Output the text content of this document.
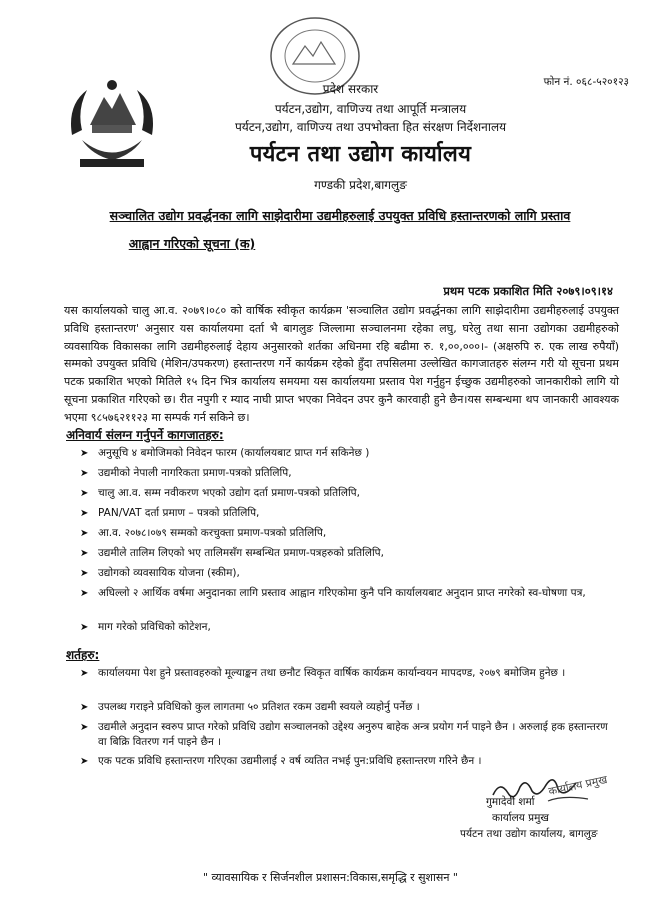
फोन नं. ०६८-५२०१२३
प्रदेश सरकार
पर्यटन,उद्योग, वाणिज्य तथा आपूर्ति मन्त्रालय
पर्यटन,उद्योग, वाणिज्य तथा उपभोक्ता हित संरक्षण निर्देशनालय
पर्यटन तथा उद्योग कार्यालय
गण्डकी प्रदेश,बागलुङ
सञ्चालित उद्योग प्रवर्द्धनका लागि साझेदारीमा उद्यमीहरुलाई उपयुक्त प्रविधि हस्तान्तरणको लागि प्रस्ताव
आह्वान गरिएको सूचना (क)
प्रथम पटक प्रकाशित मिति २०७९।०९।१४
यस कार्यालयको चालु आ.व. २०७९।०८० को वार्षिक स्वीकृत कार्यक्रम 'सञ्चालित उद्योग प्रवर्द्धनका लागि साझेदारीमा उद्यमीहरुलाई उपयुक्त प्रविधि हस्तान्तरण' अनुसार यस कार्यालयमा दर्ता भै बागलुङ जिल्लामा सञ्चालनमा रहेका लघु, घरेलु तथा साना उद्योगका उद्यमीहरुको व्यवसायिक विकासका लागि उद्यमीहरुलाई देहाय अनुसारको शर्तका अधिनमा रहि बढीमा रु. १,००,०००।- (अक्षरुपि रु. एक लाख रुपैयाँ) सम्मको उपयुक्त प्रविधि (मेशिन/उपकरण) हस्तान्तरण गर्ने कार्यक्रम रहेको हुँदा तपसिलमा उल्लेखित कागजातहरु संलग्न गरी यो सूचना प्रथम पटक प्रकाशित भएको मितिले १५ दिन भित्र कार्यालय समयमा यस कार्यालयमा प्रस्ताव पेश गर्नुहुन ईच्छुक उद्यमीहरुको जानकारीको लागि यो सूचना प्रकाशित गरिएको छ। रीत नपुगी र म्याद नाघी प्राप्त भएका निवेदन उपर कुनै कारवाही हुने छैन।यस सम्बन्धमा थप जानकारी आवश्यक भएमा ९८५७६२११२३ मा सम्पर्क गर्न सकिने छ।
अनिवार्य संलग्न गर्नुपर्ने कागजातहरु:
➤ अनुसूचि ४ बमोजिमको निवेदन फारम (कार्यालयबाट प्राप्त गर्न सकिनेछ )
➤ उद्यमीको नेपाली नागरिकता प्रमाण-पत्रको प्रतिलिपि,
➤ चालु आ.व. सम्म नवीकरण भएको उद्योग दर्ता प्रमाण-पत्रको प्रतिलिपि,
➤ PAN/VAT दर्ता प्रमाण – पत्रको प्रतिलिपि,
➤ आ.व. २०७८।०७९ सम्मको करचुक्ता प्रमाण-पत्रको प्रतिलिपि,
➤ उद्यमीले तालिम लिएको भए तालिमसँग सम्बन्धित प्रमाण-पत्रहरुको प्रतिलिपि,
➤ उद्योगको व्यवसायिक योजना (स्कीम),
➤ अघिल्लो २ आर्थिक वर्षमा अनुदानका लागि प्रस्ताव आह्वान गरिएकोमा कुनै पनि कार्यालयबाट अनुदान प्राप्त नगरेको स्व-घोषणा पत्र,
➤ माग गरेको प्रविधिको कोटेशन,
शर्तहरु:
➤ कार्यालयमा पेश हुने प्रस्तावहरुको मूल्याङ्कन तथा छनौट स्विकृत वार्षिक कार्यक्रम कार्यान्वयन मापदण्ड, २०७९ बमोजिम हुनेछ ।
➤ उपलब्ध गराइने प्रविधिको कुल लागतमा ५० प्रतिशत रकम उद्यमी स्वयले व्यहोर्नु पर्नेछ ।
➤ उद्यमीले अनुदान स्वरुप प्राप्त गरेको प्रविधि उद्योग सञ्चालनको उद्देश्य अनुरुप बाहेक अन्त्र प्रयोग गर्न पाइने छैन । अरुलाई हक हस्तान्तरण वा बिक्रि वितरण गर्न पाइने छैन ।
➤ एक पटक प्रविधि हस्तान्तरण गरिएका उद्यमीलाई २ वर्ष व्यतित नभई पुन:प्रविधि हस्तान्तरण गरिने छैन ।
कार्यालय प्रमुख
गुमादेवी शर्मा
कार्यालय प्रमुख
पर्यटन तथा उद्योग कार्यालय, बागलुङ
" व्यावसायिक र सिर्जनशील प्रशासन:विकास,समृद्धि र सुशासन "
